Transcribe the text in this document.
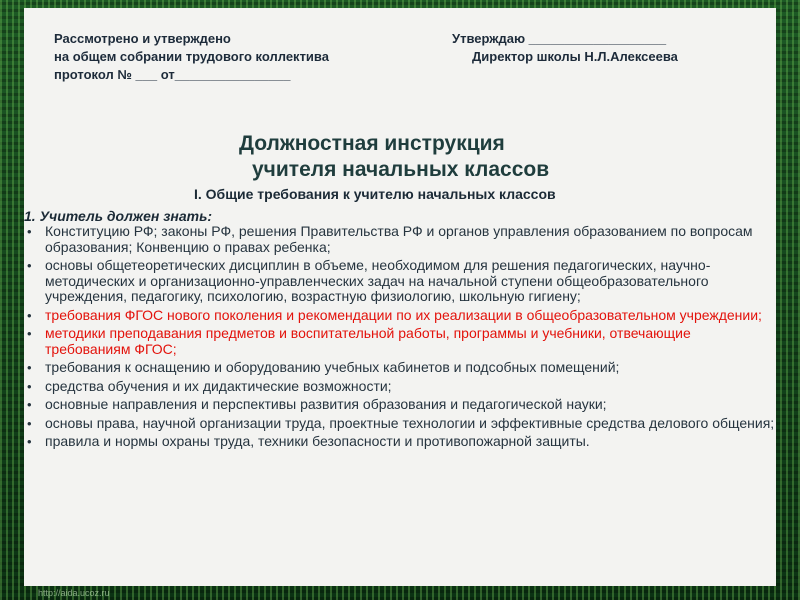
Рассмотрено и утверждено
на общем собрании трудового коллектива
протокол № ___ от________________
Утверждаю ___________________
Директор школы Н.Л.Алексеева
Должностная инструкция
учителя начальных классов
I. Общие требования к учителю начальных классов
1. Учитель должен знать:
• Конституцию РФ; законы РФ, решения Правительства РФ и органов управления образованием по вопросам образования; Конвенцию о правах ребенка;
• основы общетеоретических дисциплин в объеме, необходимом для решения педагогических, научно-методических и организационно-управленческих задач на начальной ступени общеобразовательного учреждения, педагогику, психологию, возрастную физиологию, школьную гигиену;
• требования ФГОС нового поколения и рекомендации по их реализации в общеобразовательном учреждении;
• методики преподавания предметов и воспитательной работы, программы и учебники, отвечающие требованиям ФГОС;
• требования к оснащению и оборудованию учебных кабинетов и подсобных помещений;
• средства обучения и их дидактические возможности;
• основные направления и перспективы развития образования и педагогической науки;
• основы права, научной организации труда, проектные технологии и эффективные средства делового общения;
• правила и нормы охраны труда, техники безопасности и противопожарной защиты.
http://aida.ucoz.ru
